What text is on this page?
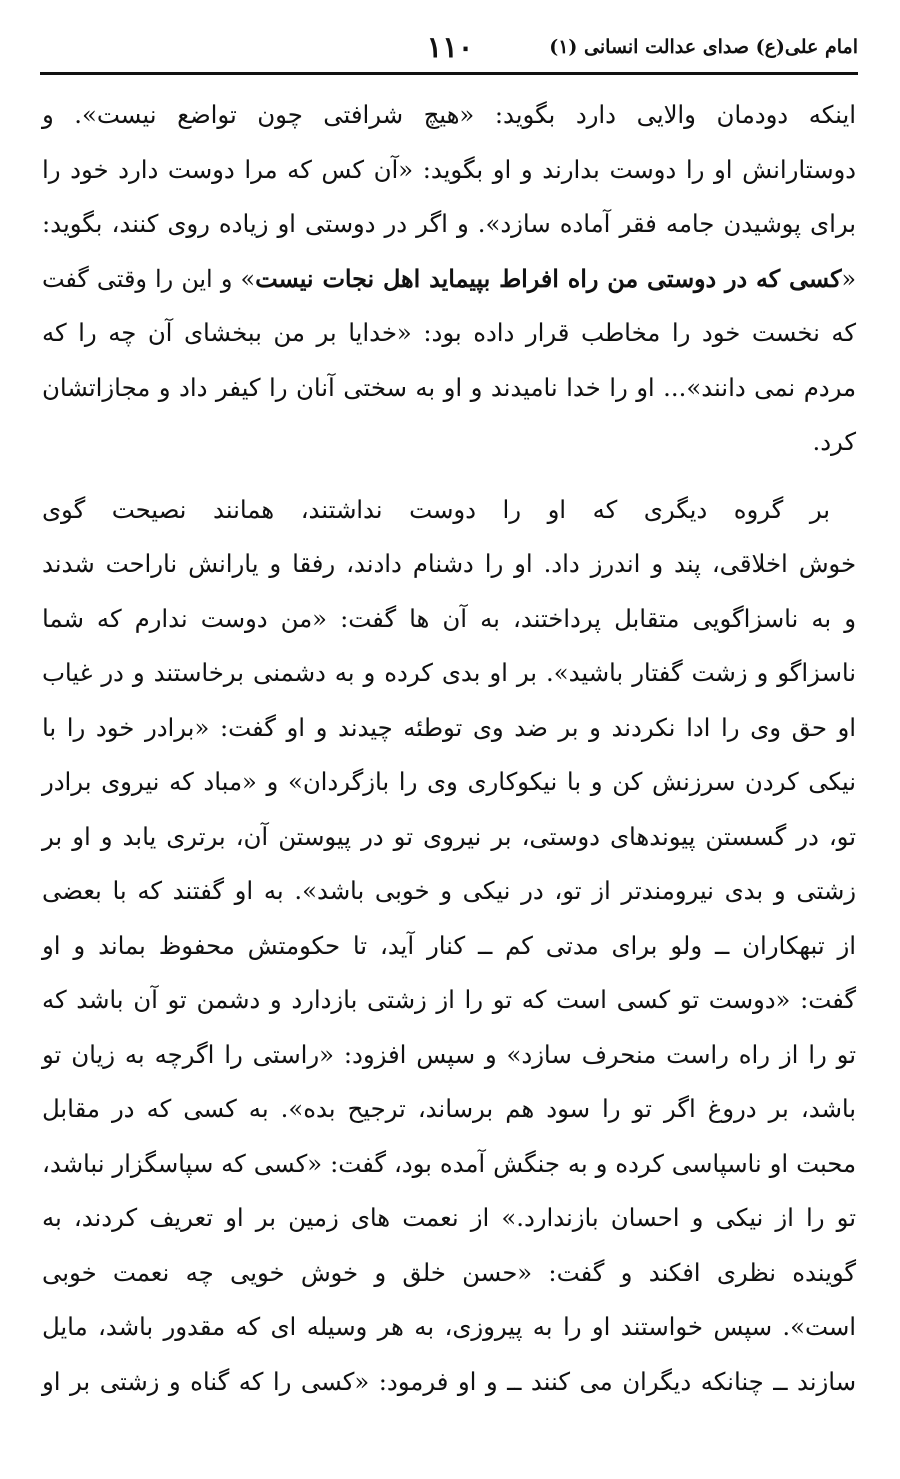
امام علی(ع) صدای عدالت انسانی (۱)
۱۱۰
اینکه دودمان والایی دارد بگوید: «هیچ شرافتی چون تواضع نیست». و
دوستارانش او را دوست بدارند و او بگوید: «آن کس که مرا دوست دارد خود را
برای پوشیدن جامه فقر آماده سازد». و اگر در دوستی او زیاده روی کنند، بگوید:
«کسی که در دوستی من راه افراط بپیماید اهل نجات نیست» و این را وقتی گفت
که نخست خود را مخاطب قرار داده بود: «خدایا بر من ببخشای آن چه را که
مردم نمی دانند»... او را خدا نامیدند و او به سختی آنان را کیفر داد و مجازاتشان
کرد.
بر گروه دیگری که او را دوست نداشتند، همانند نصیحت گوی
خوش اخلاقی، پند و اندرز داد. او را دشنام دادند، رفقا و یارانش ناراحت شدند
و به ناسزاگویی متقابل پرداختند، به آن ها گفت: «من دوست ندارم که شما
ناسزاگو و زشت گفتار باشید». بر او بدی کرده و به دشمنی برخاستند و در غیاب
او حق وی را ادا نکردند و بر ضد وی توطئه چیدند و او گفت: «برادر خود را با
نیکی کردن سرزنش کن و با نیکوکاری وی را بازگردان» و «مباد که نیروی برادر
تو، در گسستن پیوندهای دوستی، بر نیروی تو در پیوستن آن، برتری یابد و او بر
زشتی و بدی نیرومندتر از تو، در نیکی و خوبی باشد». به او گفتند که با بعضی
از تبهکاران ــ ولو برای مدتی کم ــ کنار آید، تا حکومتش محفوظ بماند و او
گفت: «دوست تو کسی است که تو را از زشتی بازدارد و دشمن تو آن باشد که
تو را از راه راست منحرف سازد» و سپس افزود: «راستی را اگرچه به زیان تو
باشد، بر دروغ اگر تو را سود هم برساند، ترجیح بده». به کسی که در مقابل
محبت او ناسپاسی کرده و به جنگش آمده بود، گفت: «کسی که سپاسگزار نباشد،
تو را از نیکی و احسان بازندارد.» از نعمت های زمین بر او تعریف کردند، به
گوینده نظری افکند و گفت: «حسن خلق و خوش خویی چه نعمت خوبی
است». سپس خواستند او را به پیروزی، به هر وسیله ای که مقدور باشد، مایل
سازند ــ چنانکه دیگران می کنند ــ و او فرمود: «کسی را که گناه و زشتی بر او
